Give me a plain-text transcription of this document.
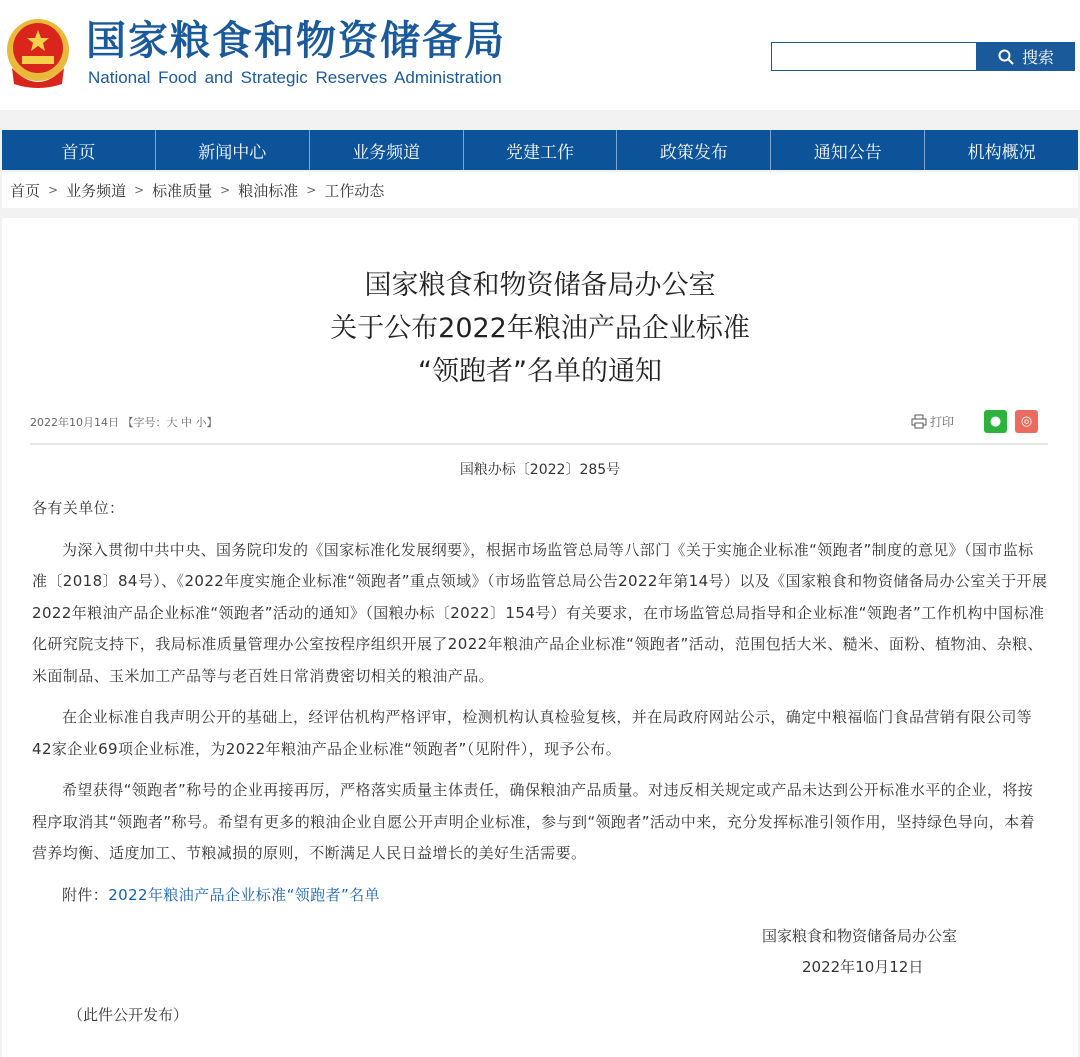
国家粮食和物资储备局
National Food and Strategic Reserves Administration
搜索
首页	新闻中心	业务频道	党建工作	政策发布	通知公告	机构概况
首页 > 业务频道 > 标准质量 > 粮油标准 > 工作动态
国家粮食和物资储备局办公室
关于公布2022年粮油产品企业标准
“领跑者”名单的通知
2022年10月14日 【字号：大 中 小】	打印	●	◎
国粮办标〔2022〕285号

各有关单位：

为深入贯彻中共中央、国务院印发的《国家标准化发展纲要》，根据市场监管总局等八部门《关于实施企业标准“领跑者”制度的意见》（国市监标准〔2018〕84号）、《2022年度实施企业标准“领跑者”重点领域》（市场监管总局公告2022年第14号）以及《国家粮食和物资储备局办公室关于开展2022年粮油产品企业标准“领跑者”活动的通知》（国粮办标〔2022〕154号）有关要求，在市场监管总局指导和企业标准“领跑者”工作机构中国标准化研究院支持下，我局标准质量管理办公室按程序组织开展了2022年粮油产品企业标准“领跑者”活动，范围包括大米、糙米、面粉、植物油、杂粮、米面制品、玉米加工产品等与老百姓日常消费密切相关的粮油产品。

在企业标准自我声明公开的基础上，经评估机构严格评审，检测机构认真检验复核，并在局政府网站公示，确定中粮福临门食品营销有限公司等42家企业69项企业标准，为2022年粮油产品企业标准“领跑者”（见附件），现予公布。

希望获得“领跑者”称号的企业再接再厉，严格落实质量主体责任，确保粮油产品质量。对违反相关规定或产品未达到公开标准水平的企业，将按程序取消其“领跑者”称号。希望有更多的粮油企业自愿公开声明企业标准，参与到“领跑者”活动中来，充分发挥标准引领作用，坚持绿色导向，本着营养均衡、适度加工、节粮减损的原则，不断满足人民日益增长的美好生活需要。

附件：2022年粮油产品企业标准“领跑者”名单

国家粮食和物资储备局办公室
2022年10月12日
（此件公开发布）
